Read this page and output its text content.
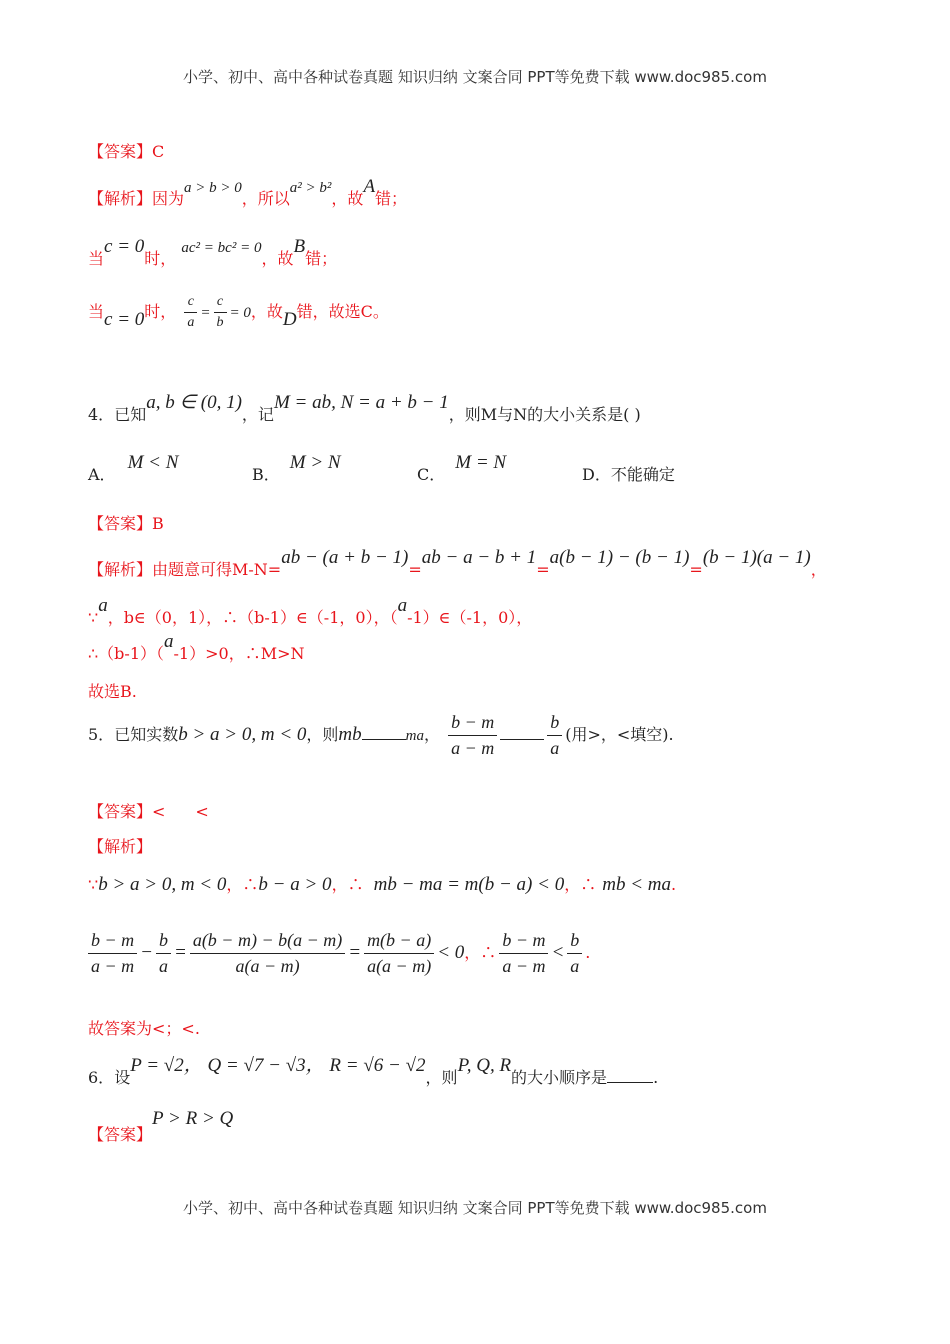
小学、初中、高中各种试卷真题 知识归纳 文案合同 PPT等免费下载 www.doc985.com
【答案】C
【解析】因为a > b > 0，所以a² > b²，故A错；
当c = 0时， ac² = bc² = 0，故B错；
当c = 0时， $\frac{c}{a} = \frac{c}{b} = 0$，故D错，故选C。
4．已知a, b ∈ (0, 1)，记M = ab, N = a + b − 1，则M与N的大小关系是( )
A．M < N
B．M > N
C．M = N
D．不能确定
【答案】B
【解析】由题意可得M-N=ab − (a + b − 1)=ab − a − b + 1=a(b − 1) − (b − 1)=(b − 1)(a − 1)，
∵a，b∈（0，1），∴（b-1）∈（-1，0），（a-1）∈（-1，0），
∴（b-1）（a-1）>0，∴M>N
故选B.
5．已知实数b > a > 0, m < 0，则mb	ma， $\frac{b - m}{a - m}$	$\frac{b}{a}$ (用>，<填空).
【答案】< <
【解析】
∵b > a > 0, m < 0，∴b − a > 0，∴ mb − ma = m(b − a) < 0，∴ mb < ma.
$\frac{b - m}{a - m} - \frac{b}{a} = \frac{a(b - m) - b(a - m)}{a(a - m)} = \frac{m(b - a)}{a(a - m)} < 0$，∴ $\frac{b - m}{a - m} < \frac{b}{a}$ .
故答案为<；<.
6．设P = √2， Q = √7 − √3， R = √6 − √2，则P, Q, R的大小顺序是	.
【答案】P > R > Q
小学、初中、高中各种试卷真题 知识归纳 文案合同 PPT等免费下载 www.doc985.com
